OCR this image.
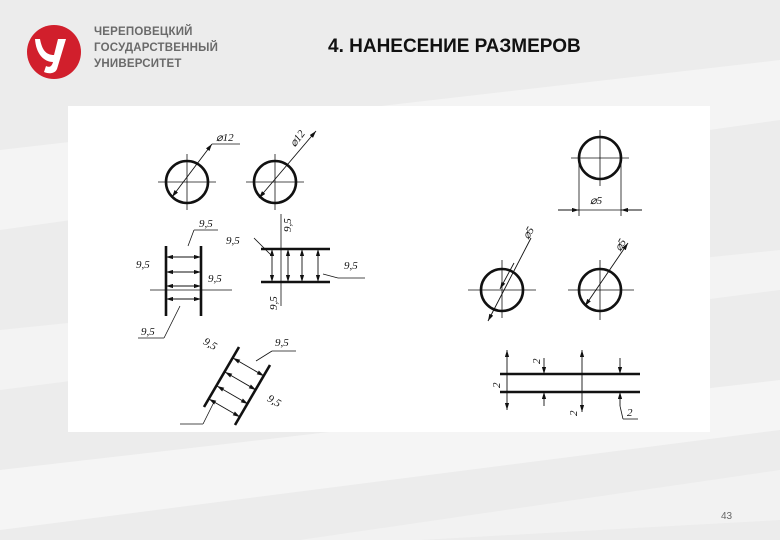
ЧЕРЕПОВЕЦКИЙ
ГОСУДАРСТВЕННЫЙ
УНИВЕРСИТЕТ
4. НАНЕСЕНИЕ РАЗМЕРОВ
⌀12	⌀12
9,5
9,5
9,5
9,5
9,5
9,5
9,5
9,5
9,5	9,5
9,5
⌀5
⌀5
⌀5
2
2
2	2
43
